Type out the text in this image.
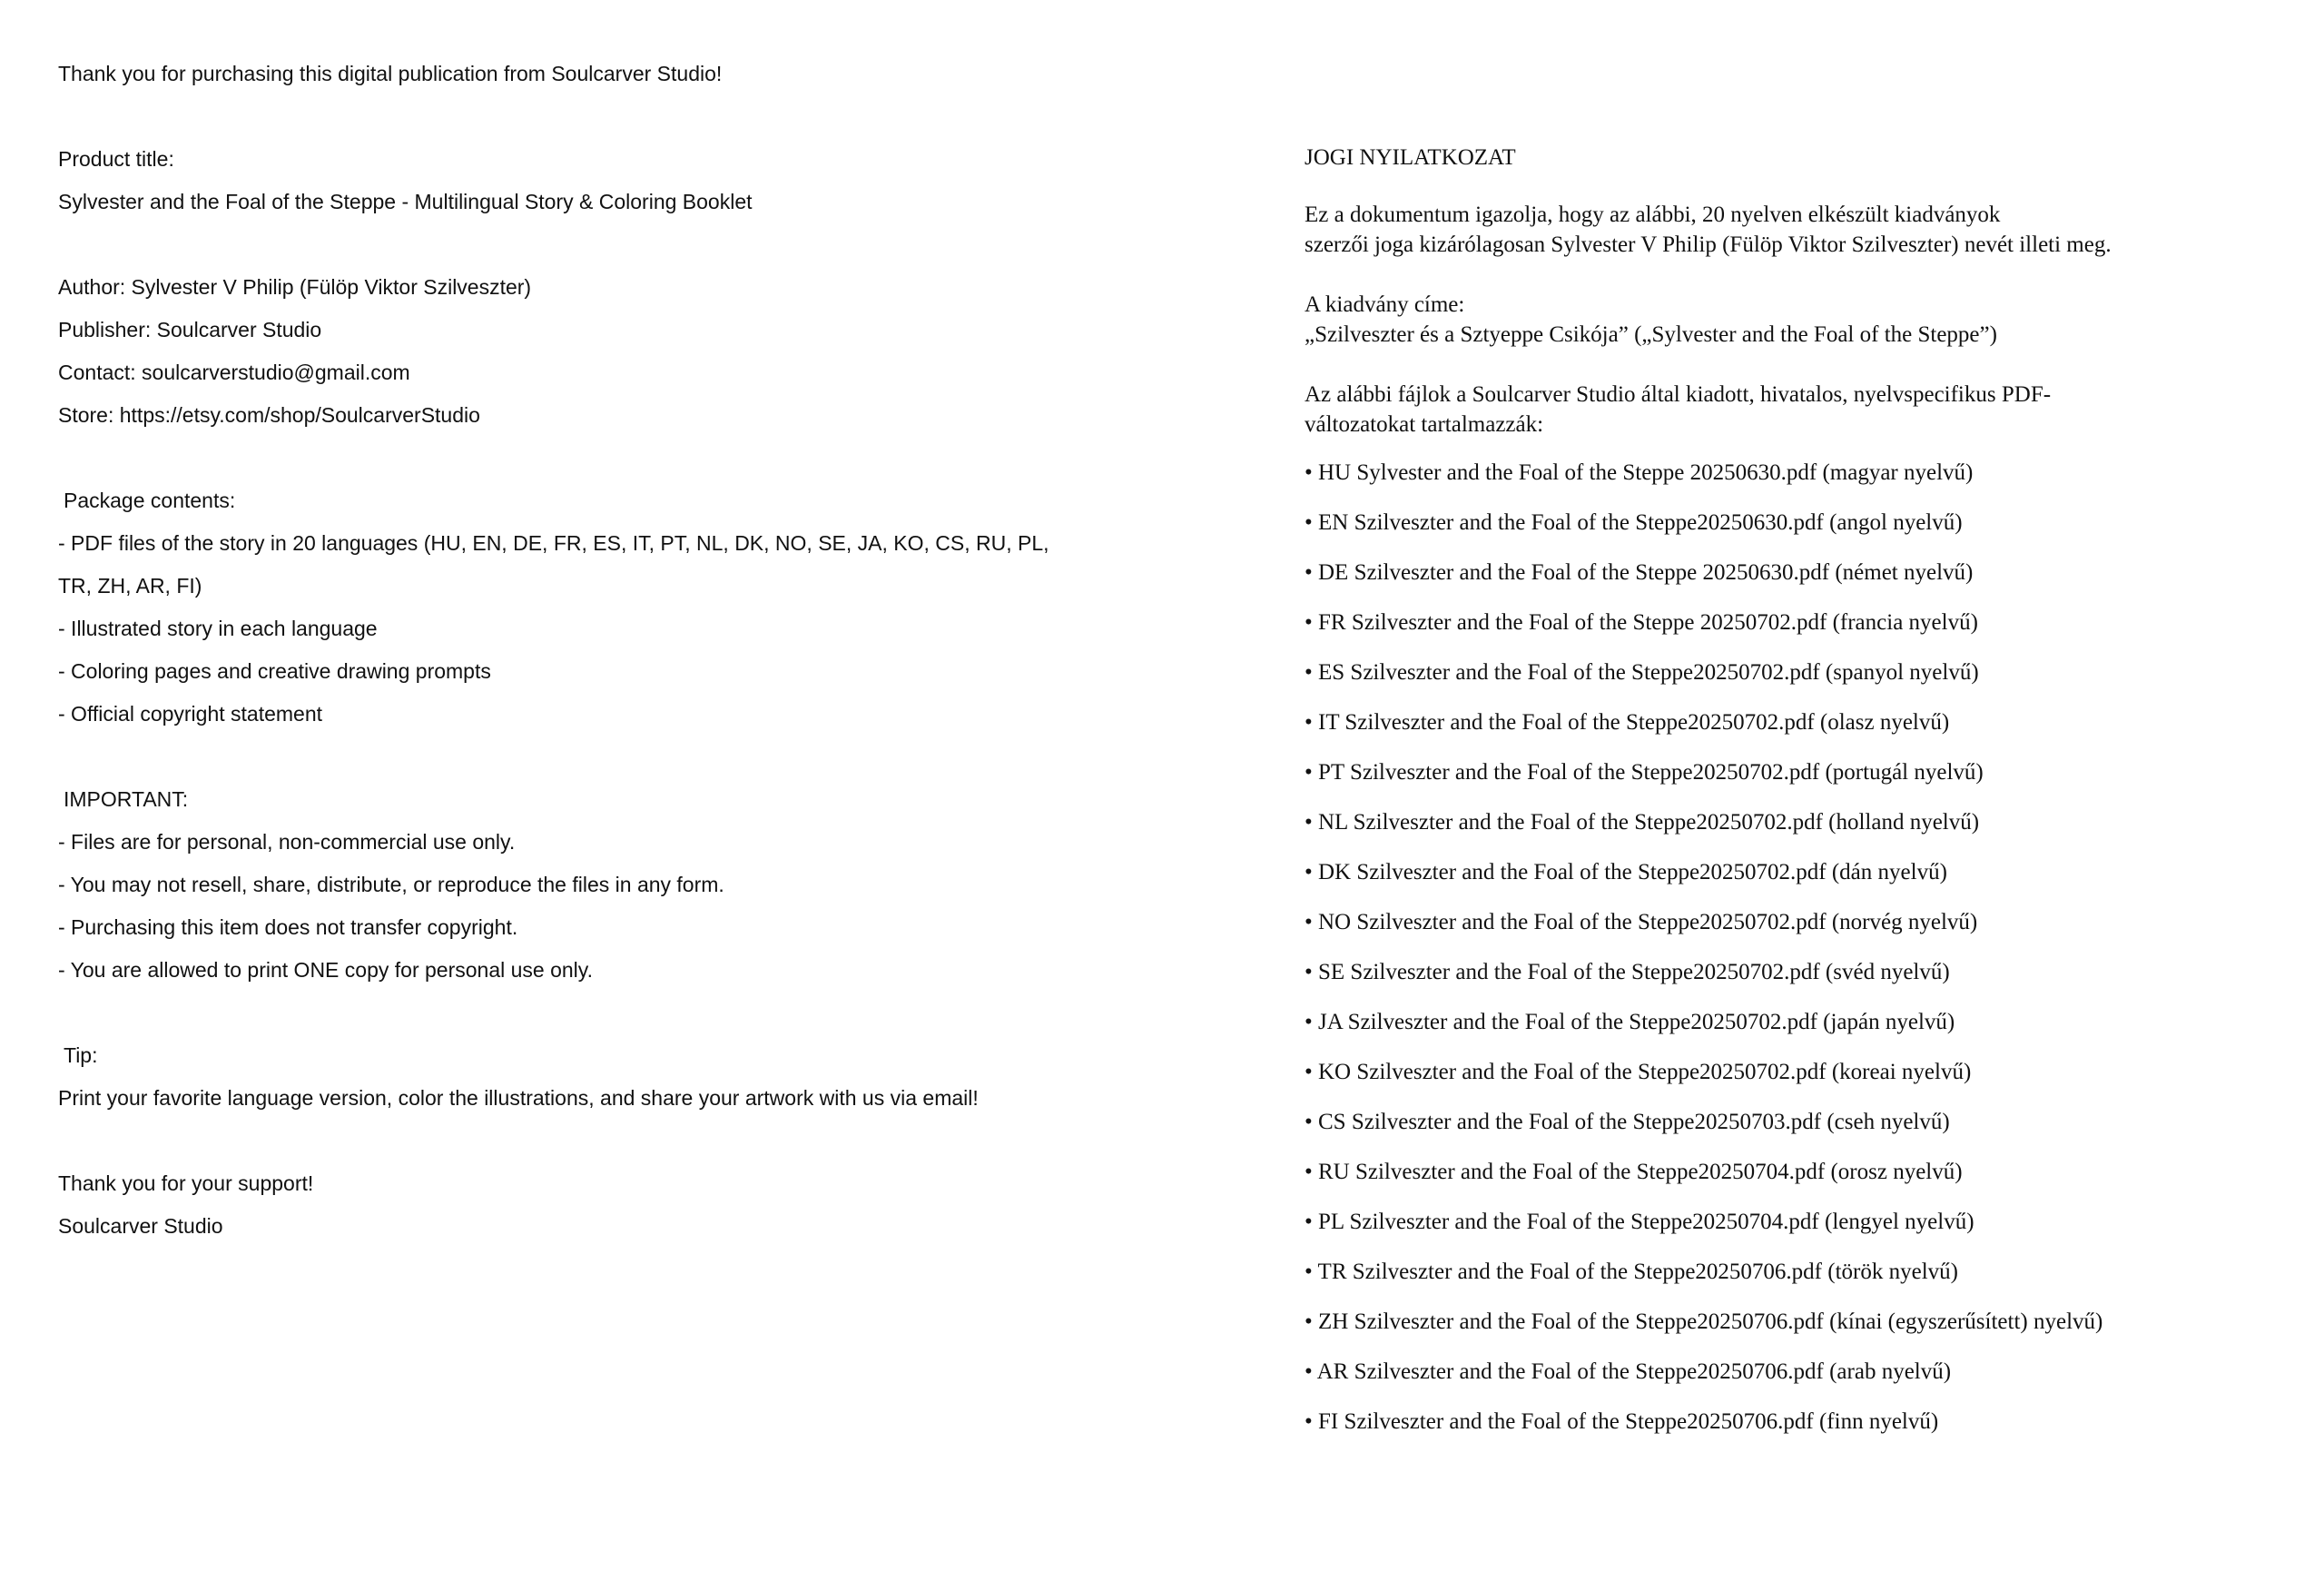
Thank you for purchasing this digital publication from Soulcarver Studio!
Product title:
Sylvester and the Foal of the Steppe - Multilingual Story & Coloring Booklet
Author: Sylvester V Philip (Fülöp Viktor Szilveszter)
Publisher: Soulcarver Studio
Contact: soulcarverstudio@gmail.com
Store: https://etsy.com/shop/SoulcarverStudio
Package contents:
- PDF files of the story in 20 languages (HU, EN, DE, FR, ES, IT, PT, NL, DK, NO, SE, JA, KO, CS, RU, PL,
TR, ZH, AR, FI)
- Illustrated story in each language
- Coloring pages and creative drawing prompts
- Official copyright statement
IMPORTANT:
- Files are for personal, non-commercial use only.
- You may not resell, share, distribute, or reproduce the files in any form.
- Purchasing this item does not transfer copyright.
- You are allowed to print ONE copy for personal use only.
Tip:
Print your favorite language version, color the illustrations, and share your artwork with us via email!
Thank you for your support!
Soulcarver Studio
JOGI NYILATKOZAT
Ez a dokumentum igazolja, hogy az alábbi, 20 nyelven elkészült kiadványok
szerzői joga kizárólagosan Sylvester V Philip (Fülöp Viktor Szilveszter) nevét illeti meg.
A kiadvány címe:
„Szilveszter és a Sztyeppe Csikója” („Sylvester and the Foal of the Steppe”)
Az alábbi fájlok a Soulcarver Studio által kiadott, hivatalos, nyelvspecifikus PDF-
változatokat tartalmazzák:
• HU Sylvester and the Foal of the Steppe 20250630.pdf (magyar nyelvű)
• EN Szilveszter and the Foal of the Steppe20250630.pdf (angol nyelvű)
• DE Szilveszter and the Foal of the Steppe 20250630.pdf (német nyelvű)
• FR Szilveszter and the Foal of the Steppe 20250702.pdf (francia nyelvű)
• ES Szilveszter and the Foal of the Steppe20250702.pdf (spanyol nyelvű)
• IT Szilveszter and the Foal of the Steppe20250702.pdf (olasz nyelvű)
• PT Szilveszter and the Foal of the Steppe20250702.pdf (portugál nyelvű)
• NL Szilveszter and the Foal of the Steppe20250702.pdf (holland nyelvű)
• DK Szilveszter and the Foal of the Steppe20250702.pdf (dán nyelvű)
• NO Szilveszter and the Foal of the Steppe20250702.pdf (norvég nyelvű)
• SE Szilveszter and the Foal of the Steppe20250702.pdf (svéd nyelvű)
• JA Szilveszter and the Foal of the Steppe20250702.pdf (japán nyelvű)
• KO Szilveszter and the Foal of the Steppe20250702.pdf (koreai nyelvű)
• CS Szilveszter and the Foal of the Steppe20250703.pdf (cseh nyelvű)
• RU Szilveszter and the Foal of the Steppe20250704.pdf (orosz nyelvű)
• PL Szilveszter and the Foal of the Steppe20250704.pdf (lengyel nyelvű)
• TR Szilveszter and the Foal of the Steppe20250706.pdf (török nyelvű)
• ZH Szilveszter and the Foal of the Steppe20250706.pdf (kínai (egyszerűsített) nyelvű)
• AR Szilveszter and the Foal of the Steppe20250706.pdf (arab nyelvű)
• FI Szilveszter and the Foal of the Steppe20250706.pdf (finn nyelvű)
